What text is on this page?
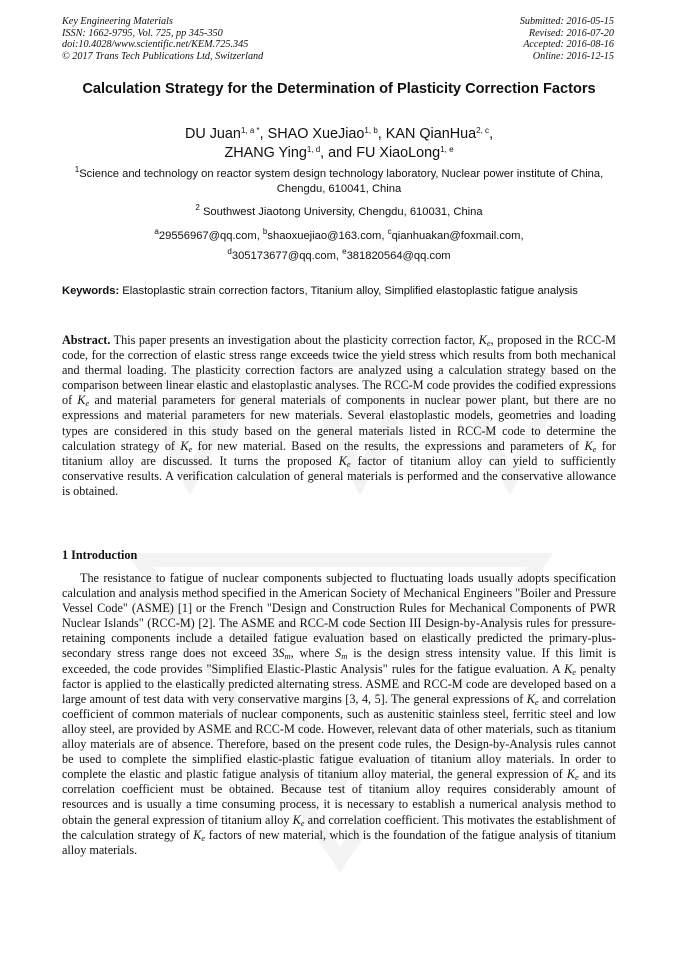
Key Engineering Materials
ISSN: 1662-9795, Vol. 725, pp 345-350
doi:10.4028/www.scientific.net/KEM.725.345
© 2017 Trans Tech Publications Ltd, Switzerland
Submitted: 2016-05-15
Revised: 2016-07-20
Accepted: 2016-08-16
Online: 2016-12-15
Calculation Strategy for the Determination of Plasticity Correction Factors
DU Juan$^{1, a *}$, SHAO XueJiao$^{1, b}$, KAN QianHua$^{2, c}$,
ZHANG Ying$^{1, d}$, and FU XiaoLong$^{1, e}$
$^1$Science and technology on reactor system design technology laboratory, Nuclear power institute of China, Chengdu, 610041, China
$^2$ Southwest Jiaotong University, Chengdu, 610031, China
$^a$29556967@qq.com, $^b$shaoxuejiao@163.com, $^c$qianhuakan@foxmail.com,
$^d$305173677@qq.com, $^e$381820564@qq.com
Keywords: Elastoplastic strain correction factors, Titanium alloy, Simplified elastoplastic fatigue analysis
Abstract. This paper presents an investigation about the plasticity correction factor, $K_e$, proposed in the RCC-M code, for the correction of elastic stress range exceeds twice the yield stress which results from both mechanical and thermal loading. The plasticity correction factors are analyzed using a calculation strategy based on the comparison between linear elastic and elastoplastic analyses. The RCC-M code provides the codified expressions of $K_e$ and material parameters for general materials of components in nuclear power plant, but there are no expressions and material parameters for new materials. Several elastoplastic models, geometries and loading types are considered in this study based on the general materials listed in RCC-M code to determine the calculation strategy of $K_e$ for new material. Based on the results, the expressions and parameters of $K_e$ for titanium alloy are discussed. It turns the proposed $K_e$ factor of titanium alloy can yield to sufficiently conservative results. A verification calculation of general materials is performed and the conservative allowance is obtained.
1 Introduction
The resistance to fatigue of nuclear components subjected to fluctuating loads usually adopts specification calculation and analysis method specified in the American Society of Mechanical Engineers "Boiler and Pressure Vessel Code" (ASME) [1] or the French "Design and Construction Rules for Mechanical Components of PWR Nuclear Islands" (RCC-M) [2]. The ASME and RCC-M code Section III Design-by-Analysis rules for pressure-retaining components include a detailed fatigue evaluation based on elastically predicted the primary-plus-secondary stress range does not exceed $3S_m$, where $S_m$ is the design stress intensity value. If this limit is exceeded, the code provides "Simplified Elastic-Plastic Analysis" rules for the fatigue evaluation. A $K_e$ penalty factor is applied to the elastically predicted alternating stress. ASME and RCC-M code are developed based on a large amount of test data with very conservative margins [3, 4, 5]. The general expressions of $K_e$ and correlation coefficient of common materials of nuclear components, such as austenitic stainless steel, ferritic steel and low alloy steel, are provided by ASME and RCC-M code. However, relevant data of other materials, such as titanium alloy materials are of absence. Therefore, based on the present code rules, the Design-by-Analysis rules cannot be used to complete the simplified elastic-plastic fatigue evaluation of titanium alloy materials. In order to complete the elastic and plastic fatigue analysis of titanium alloy material, the general expression of $K_e$ and its correlation coefficient must be obtained. Because test of titanium alloy requires considerably amount of resources and is usually a time consuming process, it is necessary to establish a numerical analysis method to obtain the general expression of titanium alloy $K_e$ and correlation coefficient. This motivates the establishment of the calculation strategy of $K_e$ factors of new material, which is the foundation of the fatigue analysis of titanium alloy materials.
